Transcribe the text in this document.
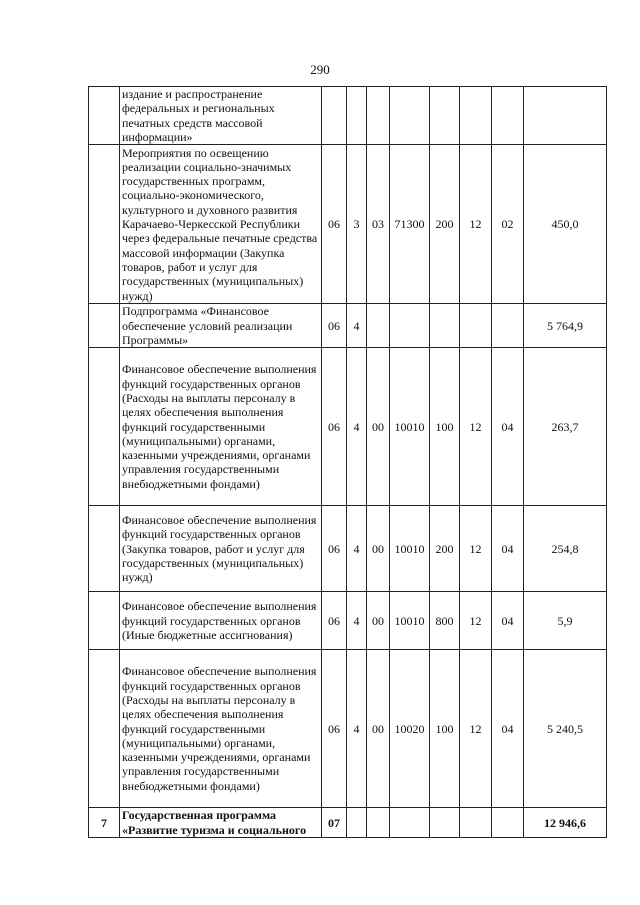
290
	издание и распространение федеральных и региональных печатных средств массовой информации»								
	Мероприятия по освещению реализации социально-значимых государственных программ, социально-экономического, культурного и духовного развития Карачаево-Черкесской Республики через федеральные печатные средства массовой информации (Закупка товаров, работ и услуг для государственных (муниципальных) нужд)	06	3	03	71300	200	12	02	450,0
	Подпрограмма «Финансовое обеспечение условий реализации Программы»	06	4						5 764,9
	Финансовое обеспечение выполнения функций государственных органов (Расходы на выплаты персоналу в целях обеспечения выполнения функций государственными (муниципальными) органами, казенными учреждениями, органами управления государственными внебюджетными фондами)	06	4	00	10010	100	12	04	263,7
	Финансовое обеспечение выполнения функций государственных органов (Закупка товаров, работ и услуг для государственных (муниципальных) нужд)	06	4	00	10010	200	12	04	254,8
	Финансовое обеспечение выполнения функций государственных органов (Иные бюджетные ассигнования)	06	4	00	10010	800	12	04	5,9
	Финансовое обеспечение выполнения функций государственных органов (Расходы на выплаты персоналу в целях обеспечения выполнения функций государственными (муниципальными) органами, казенными учреждениями, органами управления государственными внебюджетными фондами)	06	4	00	10020	100	12	04	5 240,5
7	Государственная программа «Развитие туризма и социального	07							12 946,6
